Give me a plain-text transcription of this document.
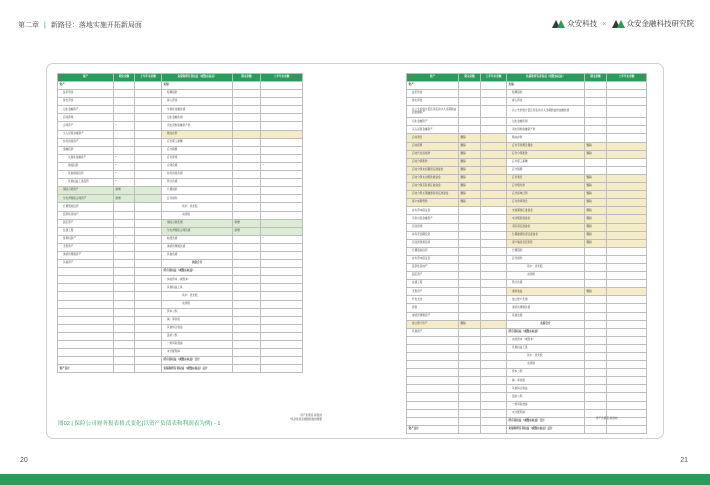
第二章 | 新路径：落地实施开拓新局面	众安科技 ×	众安金融科技研究院
资产	期末余额	上年年末余额	负债和所有者权益（或股东权益）	期末余额	上年年末余额
资产：			负债：		
货币资金			短期借款		
拆出资金			拆入资金		
衍生金融资产			交易性金融负债		
应收款项			衍生金融负债		
合同资产	*		卖出回购金融资产款		
买入返售金融资产			吸收存款		
持有待售资产			应付职工薪酬		
金融投资：			应交税费		
交易性金融资产	*		应付款项		
债权投资	*		合同负债		*
其他债权投资	*		持有待售负债		
其他权益工具投资	*		预计负债		
保险合同资产	新增		长期借款		
分出再保险合同资产	新增		应付债券		
长期股权投资			其中：优先股		
投资性房地产			永续债		
固定资产			保险合同负债	新增	
在建工程			分出再保险合同负债	新增	
使用权资产	*		租赁负债		*
无形资产			递延所得税负债		
递延所得税资产			其他负债		
其他资产			负债合计		
			所有者权益（或股东权益）：		
			实收资本（或股本）		
			其他权益工具		
			其中：优先股		
			永续债		
			资本公积		
			减：库存股		
			其他综合收益		
			盈余公积		
			一般风险准备		
			未分配利润		
			所有者权益（或股东权益）合计		
资产总计			负债和所有者权益（或股东权益）总计		
资产	期末余额	上年年末余额	负债和所有者权益（或股东权益）	期末余额	上年年末余额
资产：			负债：		
货币资金			短期借款		
拆出资金			拆入资金		
以公允价值计量且其变动计入当期损益的金融资产			以公允价值计量且其变动计入当期损益的金融负债		
衍生金融资产			衍生金融负债		
买入返售金融资产			卖出回购金融资产款		
应收利息	删除		吸收存款		
应收保费	删除		应付手续费及佣金	删除	
应收代位追偿款	删除		应付分保账款	删除	
应收分保账款	删除		应付职工薪酬		
应收分保未到期责任准备金	删除		应交税费		
应收分保未决赔款准备金	删除		应付利息	删除	
应收分保寿险责任准备金	删除		应付赔付款	删除	
应收分保长期健康险责任准备金	删除		应付保单红利	删除	
保户质押贷款	删除		应付款项利息	删除	
存出资本保证金			未到期责任准备金	删除	
可供出售金融资产			未决赔款准备金	删除	
应收款项			寿险责任准备金	删除	
持有至到期投资			长期健康险责任准备金	删除	
应收款项类投资			保户储金及投资款	删除	
长期股权投资			长期借款		
存出资本保证金			应付债券		
投资性房地产			其中：优先股		
固定资产			永续债		
在建工程			预计负债		
无形资产			递延收益	删除	
开发支出			独立账户负债		
商誉			递延所得税负债		
递延所得税资产			其他负债		
独立账户资产	删除		负债合计		
其他资产			所有者权益（或股东权益）：		
			实收资本（或股本）		
			其他权益工具		
			其中：优先股		
			永续债		
			资本公积		
			减：库存股		
			其他综合收益		
			盈余公积		
			一般风险准备		
			未分配利润		
			所有者权益（或股东权益）合计		
资产总计			负债和所有者权益（或股东权益）总计		
图02 | 保险公司财务报表格式变化(以资产负债表和利润表为例) - 1
资产负债表-新准则
*其余报表需根据新准则调整	资产负债表-新准则
20	21
